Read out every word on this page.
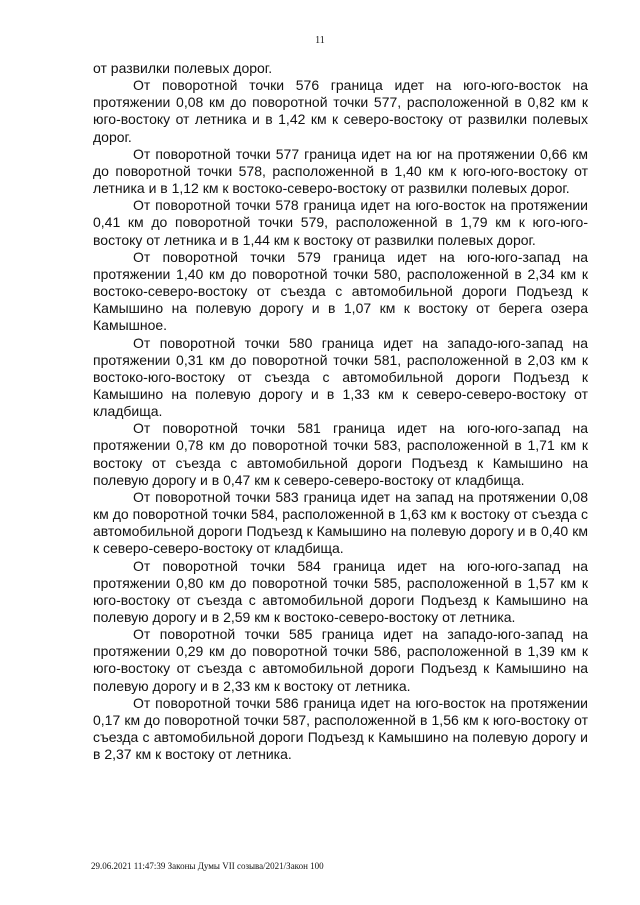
11

от развилки полевых дорог.

От поворотной точки 576 граница идет на юго-юго-восток на протяжении 0,08 км до поворотной точки 577, расположенной в 0,82 км к юго-востоку от летника и в 1,42 км к северо-востоку от развилки полевых дорог.

От поворотной точки 577 граница идет на юг на протяжении 0,66 км до поворотной точки 578, расположенной в 1,40 км к юго-юго-востоку от летника и в 1,12 км к востоко-северо-востоку от развилки полевых дорог.

От поворотной точки 578 граница идет на юго-восток на протяжении 0,41 км до поворотной точки 579, расположенной в 1,79 км к юго-юго-востоку от летника и в 1,44 км к востоку от развилки полевых дорог.

От поворотной точки 579 граница идет на юго-юго-запад на протяжении 1,40 км до поворотной точки 580, расположенной в 2,34 км к востоко-северо-востоку от съезда с автомобильной дороги Подъезд к Камышино на полевую дорогу и в 1,07 км к востоку от берега озера Камышное.

От поворотной точки 580 граница идет на западо-юго-запад на протяжении 0,31 км до поворотной точки 581, расположенной в 2,03 км к востоко-юго-востоку от съезда с автомобильной дороги Подъезд к Камышино на полевую дорогу и в 1,33 км к северо-северо-востоку от кладбища.

От поворотной точки 581 граница идет на юго-юго-запад на протяжении 0,78 км до поворотной точки 583, расположенной в 1,71 км к востоку от съезда с автомобильной дороги Подъезд к Камышино на полевую дорогу и в 0,47 км к северо-северо-востоку от кладбища.

От поворотной точки 583 граница идет на запад на протяжении 0,08 км до поворотной точки 584, расположенной в 1,63 км к востоку от съезда с автомобильной дороги Подъезд к Камышино на полевую дорогу и в 0,40 км к северо-северо-востоку от кладбища.

От поворотной точки 584 граница идет на юго-юго-запад на протяжении 0,80 км до поворотной точки 585, расположенной в 1,57 км к юго-востоку от съезда с автомобильной дороги Подъезд к Камышино на полевую дорогу и в 2,59 км к востоко-северо-востоку от летника.

От поворотной точки 585 граница идет на западо-юго-запад на протяжении 0,29 км до поворотной точки 586, расположенной в 1,39 км к юго-востоку от съезда с автомобильной дороги Подъезд к Камышино на полевую дорогу и в 2,33 км к востоку от летника.

От поворотной точки 586 граница идет на юго-восток на протяжении 0,17 км до поворотной точки 587, расположенной в 1,56 км к юго-востоку от съезда с автомобильной дороги Подъезд к Камышино на полевую дорогу и в 2,37 км к востоку от летника.

29.06.2021 11:47:39 Законы Думы VII созыва/2021/Закон 100
